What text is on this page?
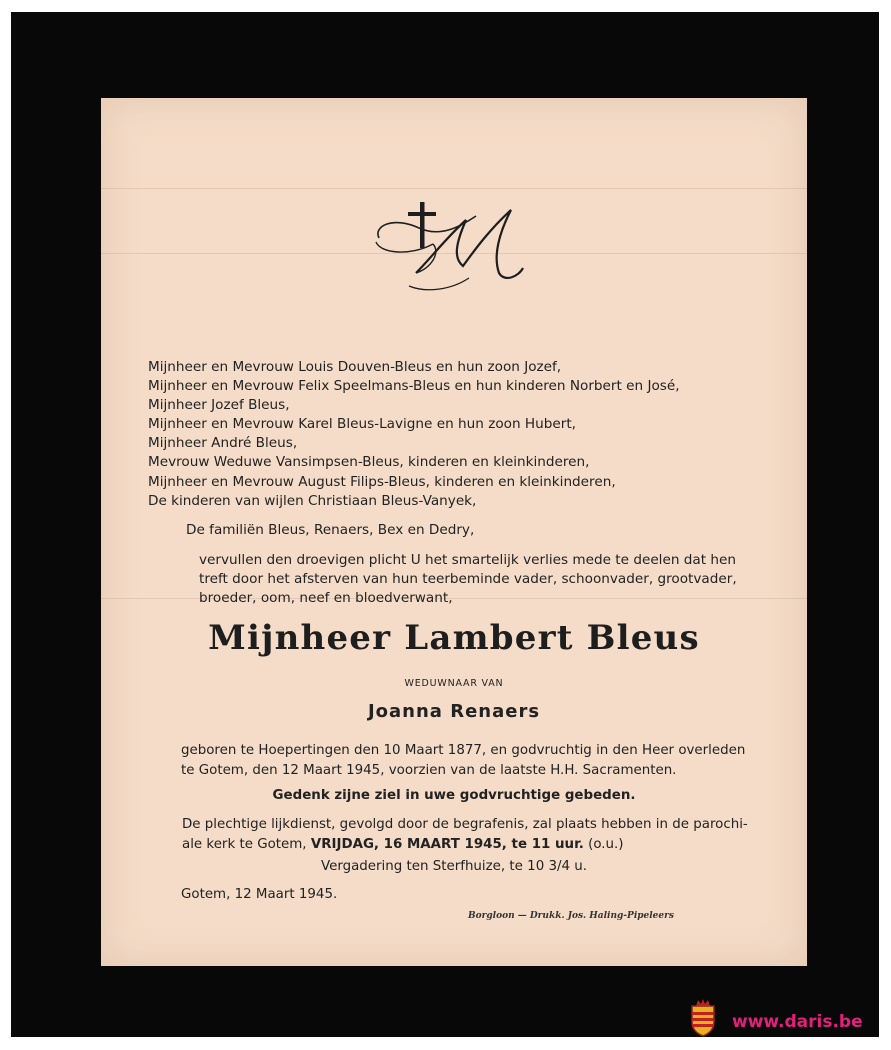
Mijnheer en Mevrouw Louis Douven-Bleus en hun zoon Jozef,
Mijnheer en Mevrouw Felix Speelmans-Bleus en hun kinderen Norbert en José,
Mijnheer Jozef Bleus,
Mijnheer en Mevrouw Karel Bleus-Lavigne en hun zoon Hubert,
Mijnheer André Bleus,
Mevrouw Weduwe Vansimpsen-Bleus, kinderen en kleinkinderen,
Mijnheer en Mevrouw August Filips-Bleus, kinderen en kleinkinderen,
De kinderen van wijlen Christiaan Bleus-Vanyek,
De familiën Bleus, Renaers, Bex en Dedry,
vervullen den droevigen plicht U het smartelijk verlies mede te deelen dat hen
treft door het afsterven van hun teerbeminde vader, schoonvader, grootvader,
broeder, oom, neef en bloedverwant,
Mijnheer Lambert Bleus
WEDUWNAAR VAN
Joanna Renaers
geboren te Hoepertingen den 10 Maart 1877, en godvruchtig in den Heer overleden
te Gotem, den 12 Maart 1945, voorzien van de laatste H.H. Sacramenten.
Gedenk zijne ziel in uwe godvruchtige gebeden.
De plechtige lijkdienst, gevolgd door de begrafenis, zal plaats hebben in de parochi-
ale kerk te Gotem, VRIJDAG, 16 MAART 1945, te 11 uur. (o.u.)
Vergadering ten Sterfhuize, te 10 3/4 u.
Gotem, 12 Maart 1945.
Borgloon — Drukk. Jos. Haling-Pipeleers
www.daris.be
